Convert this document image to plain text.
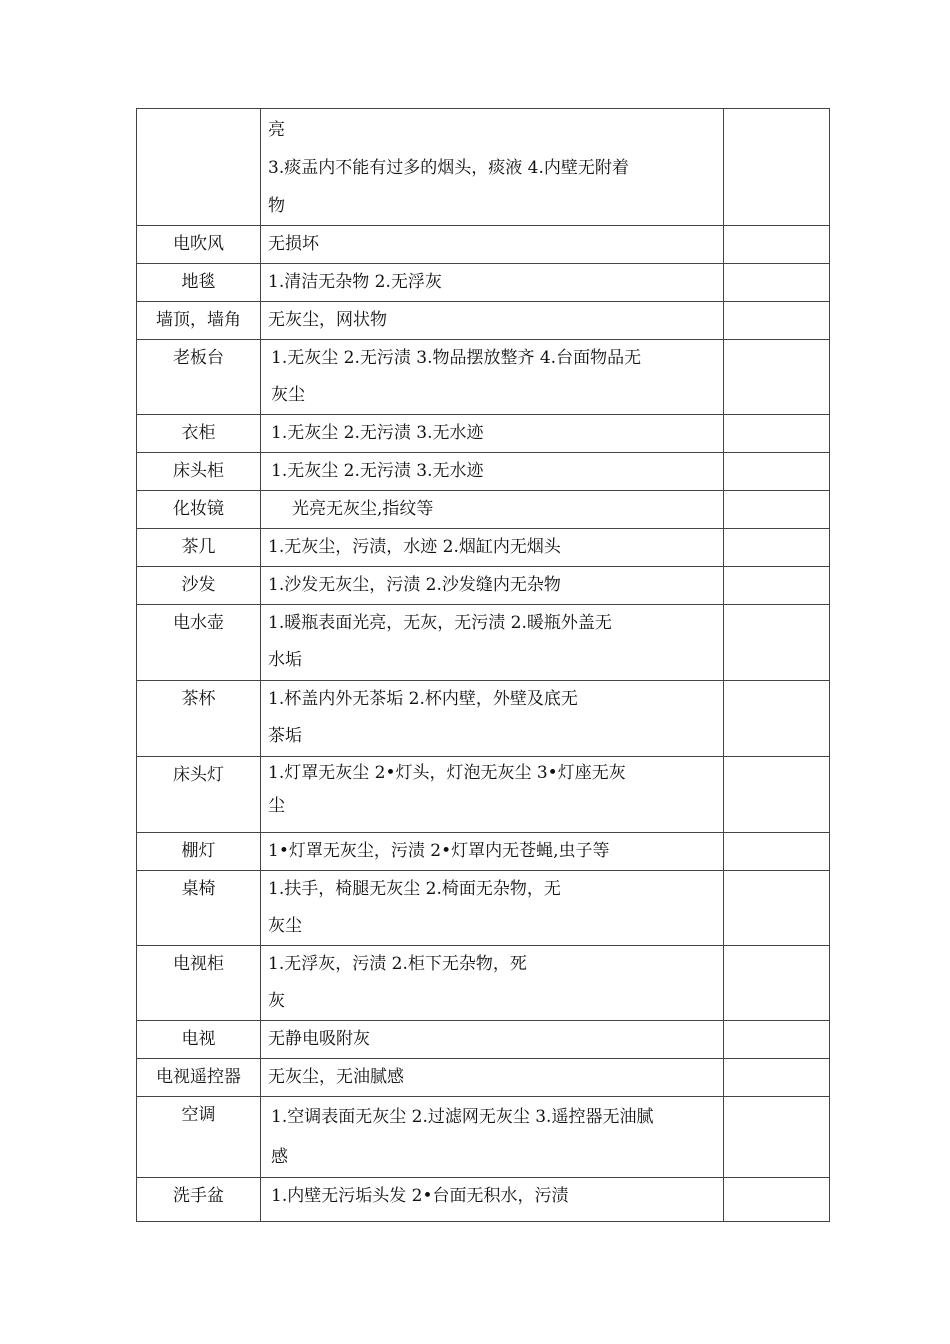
	亮
3.痰盂内不能有过多的烟头，痰液 4.内壁无附着
物	

电吹风	无损坏	

地毯	1.清洁无杂物 2.无浮灰	

墙顶，墙角	无灰尘，网状物	

老板台	1.无灰尘 2.无污渍 3.物品摆放整齐 4.台面物品无
灰尘	

衣柜	1.无灰尘 2.无污渍 3.无水迹	

床头柜	1.无灰尘 2.无污渍 3.无水迹	

化妆镜	光亮无灰尘,指纹等	

茶几	1.无灰尘，污渍，水迹 2.烟缸内无烟头	

沙发	1.沙发无灰尘，污渍 2.沙发缝内无杂物	

电水壶	1.暖瓶表面光亮，无灰，无污渍 2.暖瓶外盖无
水垢	

茶杯	1.杯盖内外无茶垢 2.杯内壁，外壁及底无
茶垢	

床头灯	1.灯罩无灰尘 2•灯头，灯泡无灰尘 3•灯座无灰
尘	

棚灯	1•灯罩无灰尘，污渍 2•灯罩内无苍蝇,虫子等	

桌椅	1.扶手，椅腿无灰尘 2.椅面无杂物，无
灰尘	

电视柜	1.无浮灰，污渍 2.柜下无杂物，死
灰	

电视	无静电吸附灰	

电视遥控器	无灰尘，无油腻感	

空调	1.空调表面无灰尘 2.过滤网无灰尘 3.遥控器无油腻
感	

洗手盆	1.内壁无污垢头发 2•台面无积水，污渍	
